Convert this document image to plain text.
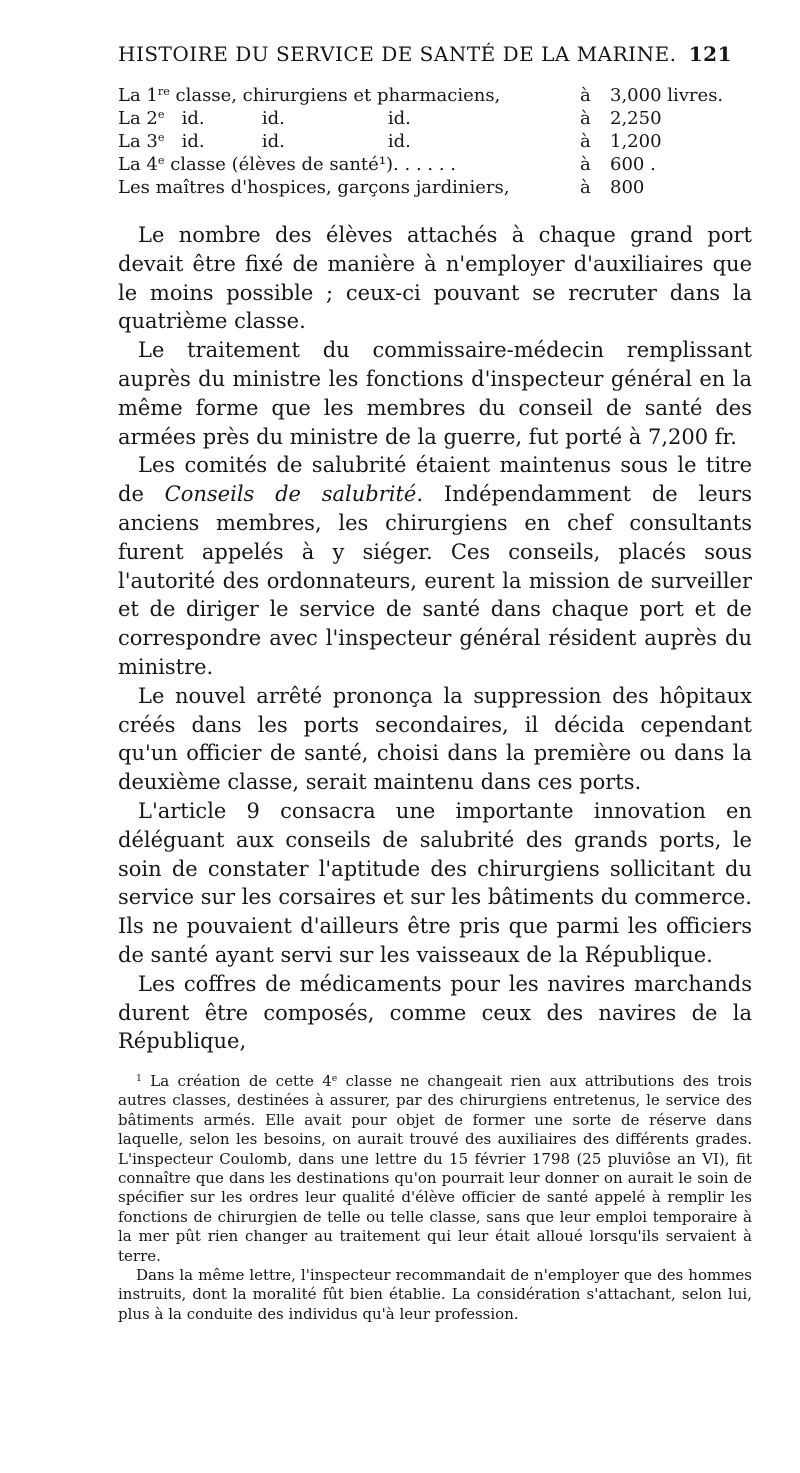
HISTOIRE DU SERVICE DE SANTÉ DE LA MARINE. 121
La 1re classe, chirurgiens et pharmaciens,	à	3,000 livres.
La 2e   id.          id.                  id.	à	2,250
La 3e   id.          id.                  id.	à	1,200
La 4e classe (élèves de santé¹). . . . . .	à	600 .
Les maîtres d'hospices, garçons jardiniers,	à	800

Le nombre des élèves attachés à chaque grand port devait être fixé de manière à n'employer d'auxiliaires que le moins possible ; ceux-ci pouvant se recruter dans la quatrième classe.

Le traitement du commissaire-médecin remplissant auprès du ministre les fonctions d'inspecteur général en la même forme que les membres du conseil de santé des armées près du ministre de la guerre, fut porté à 7,200 fr.

Les comités de salubrité étaient maintenus sous le titre de Conseils de salubrité. Indépendamment de leurs anciens membres, les chirurgiens en chef consultants furent appelés à y siéger. Ces conseils, placés sous l'autorité des ordonnateurs, eurent la mission de surveiller et de diriger le service de santé dans chaque port et de correspondre avec l'inspecteur général résident auprès du ministre.

Le nouvel arrêté prononça la suppression des hôpitaux créés dans les ports secondaires, il décida cependant qu'un officier de santé, choisi dans la première ou dans la deuxième classe, serait maintenu dans ces ports.

L'article 9 consacra une importante innovation en déléguant aux conseils de salubrité des grands ports, le soin de constater l'aptitude des chirurgiens sollicitant du service sur les corsaires et sur les bâtiments du commerce. Ils ne pouvaient d'ailleurs être pris que parmi les officiers de santé ayant servi sur les vaisseaux de la République.

Les coffres de médicaments pour les navires marchands durent être composés, comme ceux des navires de la République,

$^1$ La création de cette 4e classe ne changeait rien aux attributions des trois autres classes, destinées à assurer, par des chirurgiens entretenus, le service des bâtiments armés. Elle avait pour objet de former une sorte de réserve dans laquelle, selon les besoins, on aurait trouvé des auxiliaires des différents grades. L'inspecteur Coulomb, dans une lettre du 15 février 1798 (25 pluviôse an VI), fit connaître que dans les destinations qu'on pourrait leur donner on aurait le soin de spécifier sur les ordres leur qualité d'élève officier de santé appelé à remplir les fonctions de chirurgien de telle ou telle classe, sans que leur emploi temporaire à la mer pût rien changer au traitement qui leur était alloué lorsqu'ils servaient à terre.

Dans la même lettre, l'inspecteur recommandait de n'employer que des hommes instruits, dont la moralité fût bien établie. La considération s'attachant, selon lui, plus à la conduite des individus qu'à leur profession.
